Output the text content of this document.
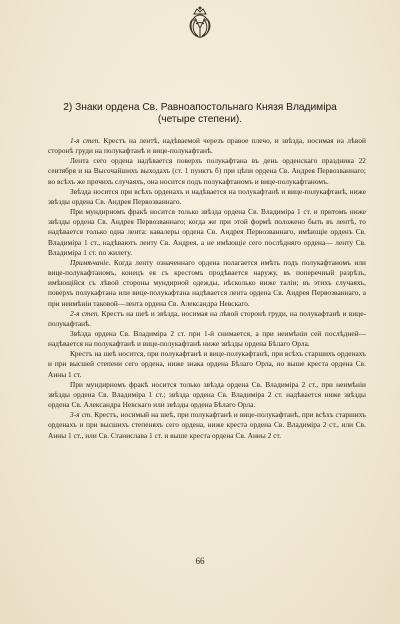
2) Знаки ордена Св. Равноапостольнаго Князя Владиміра
(четыре степени).

1-я степ. Крестъ на лентѣ, надѣваемой черезъ правое плечо, и звѣзда, носимая на лѣвой сторонѣ груди на полукафтанѣ и вице-полукафтанѣ.

Лента сего ордена надѣвается поверхъ полукафтана въ день орденскаго праздника 22 сентября и на Высочайшихъ выходахъ (ст. 1 пунктъ б) при цѣпи ордена Св. Андрея Первозваннаго; во всѣхъ же прочихъ случаяхъ, она носится подъ полукафтаномъ и вице-полукафтаномъ.

Звѣзда носится при всѣхъ орденахъ и надѣвается на полукафтанѣ и вице-полукафтанѣ, ниже звѣзды ордена Св. Андрея Первозваннаго.

При мундирномъ фракѣ носится только звѣзда ордена Св. Владиміра 1 ст. и притомъ ниже звѣзды ордена Св. Андрея Первозваннаго; когда же при этой формѣ положено быть въ лентѣ, то надѣвается только одна лента: кавалеры ордена Св. Андрея Первозваннаго, имѣющіе орденъ Св. Владиміра 1 ст., надѣваютъ ленту Св. Андрея, а не имѣющіе сего послѣдняго ордена— ленту Св. Владиміра 1 ст. по жилету.

Примѣчаніе. Когда ленту означеннаго ордена полагается имѣть подъ полукафтаномъ или вице-полукафтаномъ, конецъ ея съ крестомъ продѣвается наружу, въ поперечный разрѣзъ, имѣющійся съ лѣвой стороны мундирной одежды, нѣсколько ниже таліи; въ этихъ случаяхъ, поверхъ полукафтана или вице-полукафтана надѣвается лента ордена Св. Андрея Первозваннаго, а при неимѣніи таковой—лента ордена Св. Александра Невскаго.

2-я степ. Крестъ на шеѣ и звѣзда, носимая на лѣвой сторонѣ груди, на полукафтанѣ и вице-полукафтанѣ.

Звѣзда ордена Св. Владиміра 2 ст. при 1-й снимается, а при неимѣніи сей послѣдней—надѣвается на полукафтанѣ и вице-полукафтанѣ ниже звѣзды ордена Бѣлаго Орла.

Крестъ на шеѣ носится, при полукафтанѣ и вице-полукафтанѣ, при всѣхъ старшихъ орденахъ и при высшей степени сего ордена, ниже знака ордена Бѣлаго Орла, но выше креста ордена Св. Анны 1 ст.

При мундирномъ фракѣ носится только звѣзда ордена Св. Владиміра 2 ст., при неимѣніи звѣзды ордена Св. Владиміра 1 ст.; звѣзда ордена Св. Владиміра 2 ст. надѣвается ниже звѣзды ордена Св. Александра Невскаго или звѣзды ордена Бѣлаго Орла.

3-я ст. Крестъ, носимый на шеѣ, при полукафтанѣ и вице-полукафтанѣ, при всѣхъ старшихъ орденахъ и при высшихъ степеняхъ сего ордена, ниже креста ордена Св. Владиміра 2 ст., или Св. Анны 1 ст., или Св. Станислава 1 ст. и выше креста ордена Св. Анны 2 ст.

66
